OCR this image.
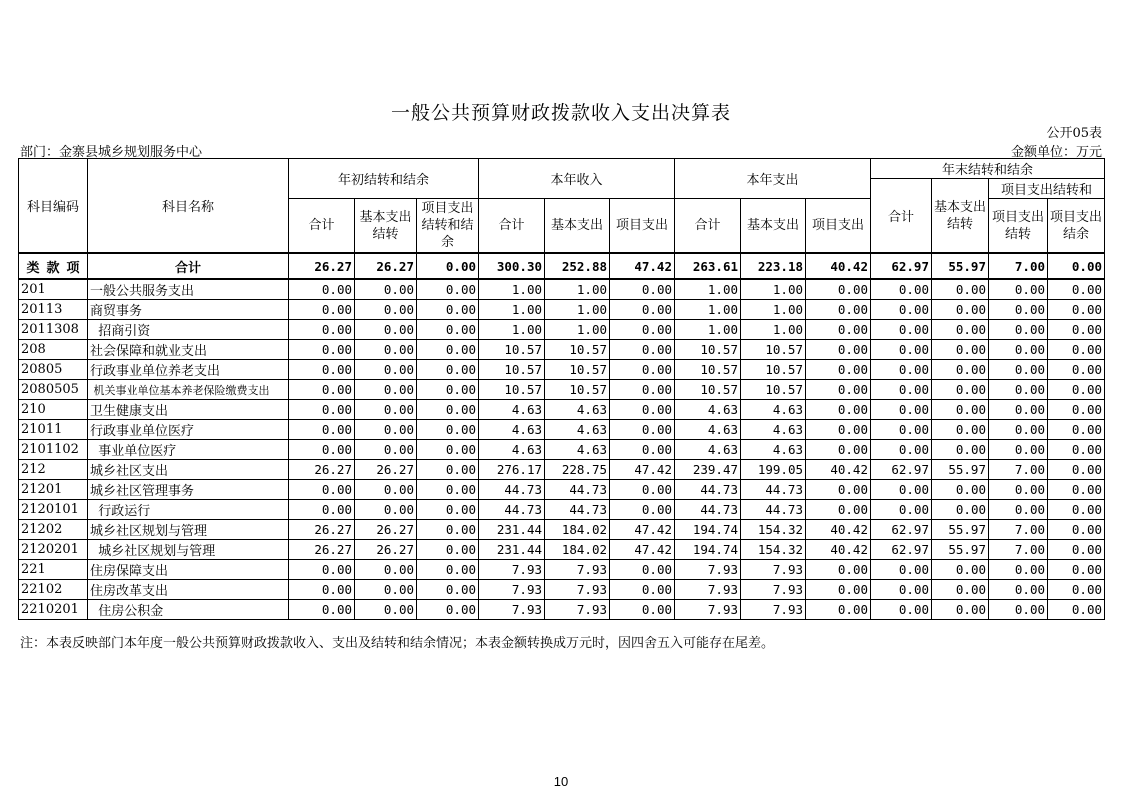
一般公共预算财政拨款收入支出决算表
公开05表
部门：金寨县城乡规划服务中心	金额单位：万元
科目编码	科目名称	年初结转和结余			本年收入			本年支出			年末结转和结余			
											合计	基本支出结转	项目支出结转和	
		合计	基本支出结转	项目支出结转和结余	合计	基本支出	项目支出	合计	基本支出	项目支出			项目支出结转	项目支出结余

类 款 项	合计	26.27	26.27	0.00	300.30	252.88	47.42	263.61	223.18	40.42	62.97	55.97	7.00	0.00
201	一般公共服务支出	0.00	0.00	0.00	1.00	1.00	0.00	1.00	1.00	0.00	0.00	0.00	0.00	0.00
20113	商贸事务	0.00	0.00	0.00	1.00	1.00	0.00	1.00	1.00	0.00	0.00	0.00	0.00	0.00
2011308	招商引资	0.00	0.00	0.00	1.00	1.00	0.00	1.00	1.00	0.00	0.00	0.00	0.00	0.00
208	社会保障和就业支出	0.00	0.00	0.00	10.57	10.57	0.00	10.57	10.57	0.00	0.00	0.00	0.00	0.00
20805	行政事业单位养老支出	0.00	0.00	0.00	10.57	10.57	0.00	10.57	10.57	0.00	0.00	0.00	0.00	0.00
2080505	机关事业单位基本养老保险缴费支出	0.00	0.00	0.00	10.57	10.57	0.00	10.57	10.57	0.00	0.00	0.00	0.00	0.00
210	卫生健康支出	0.00	0.00	0.00	4.63	4.63	0.00	4.63	4.63	0.00	0.00	0.00	0.00	0.00
21011	行政事业单位医疗	0.00	0.00	0.00	4.63	4.63	0.00	4.63	4.63	0.00	0.00	0.00	0.00	0.00
2101102	事业单位医疗	0.00	0.00	0.00	4.63	4.63	0.00	4.63	4.63	0.00	0.00	0.00	0.00	0.00
212	城乡社区支出	26.27	26.27	0.00	276.17	228.75	47.42	239.47	199.05	40.42	62.97	55.97	7.00	0.00
21201	城乡社区管理事务	0.00	0.00	0.00	44.73	44.73	0.00	44.73	44.73	0.00	0.00	0.00	0.00	0.00
2120101	行政运行	0.00	0.00	0.00	44.73	44.73	0.00	44.73	44.73	0.00	0.00	0.00	0.00	0.00
21202	城乡社区规划与管理	26.27	26.27	0.00	231.44	184.02	47.42	194.74	154.32	40.42	62.97	55.97	7.00	0.00
2120201	城乡社区规划与管理	26.27	26.27	0.00	231.44	184.02	47.42	194.74	154.32	40.42	62.97	55.97	7.00	0.00
221	住房保障支出	0.00	0.00	0.00	7.93	7.93	0.00	7.93	7.93	0.00	0.00	0.00	0.00	0.00
22102	住房改革支出	0.00	0.00	0.00	7.93	7.93	0.00	7.93	7.93	0.00	0.00	0.00	0.00	0.00
2210201	住房公积金	0.00	0.00	0.00	7.93	7.93	0.00	7.93	7.93	0.00	0.00	0.00	0.00	0.00
注：本表反映部门本年度一般公共预算财政拨款收入、支出及结转和结余情况；本表金额转换成万元时，因四舍五入可能存在尾差。
10
